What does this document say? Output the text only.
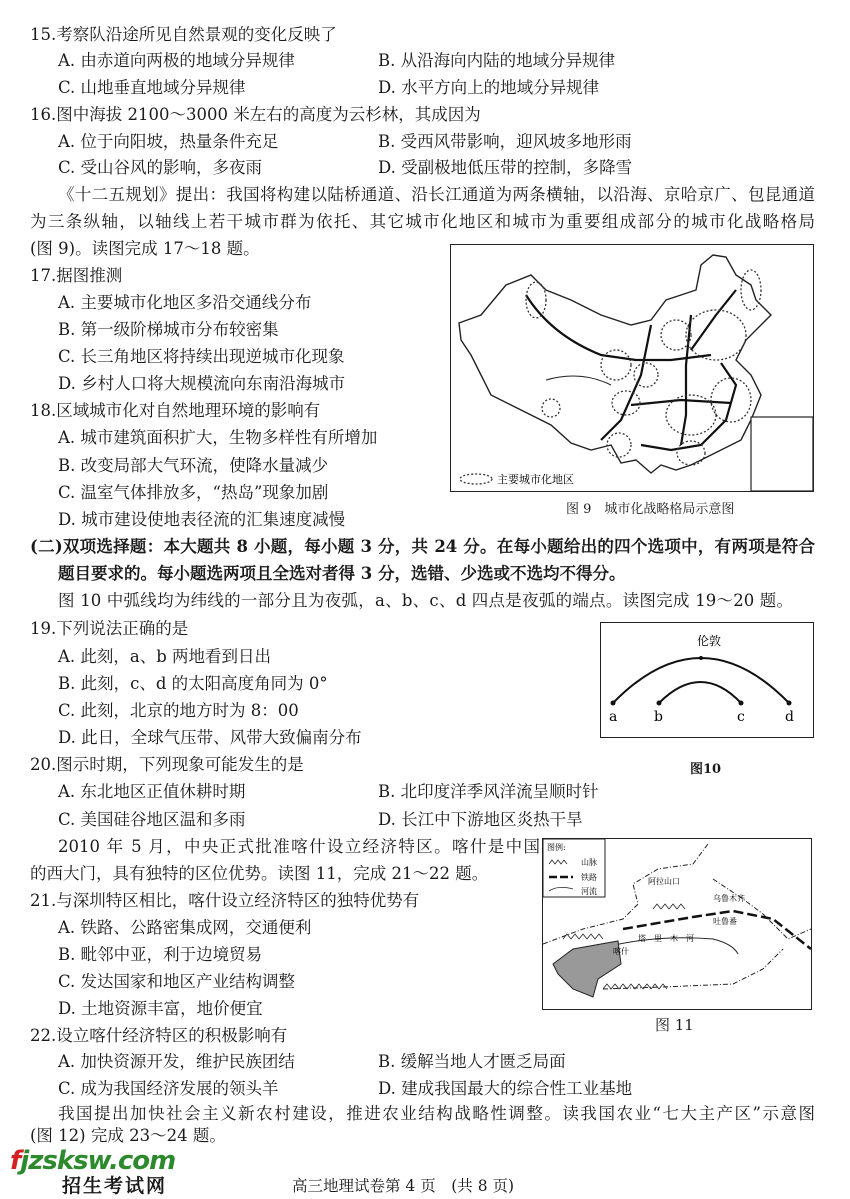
15.考察队沿途所见自然景观的变化反映了
A. 由赤道向两极的地域分异规律	B. 从沿海向内陆的地域分异规律
C. 山地垂直地域分异规律	D. 水平方向上的地域分异规律
16.图中海拔 2100～3000 米左右的高度为云杉林，其成因为
A. 位于向阳坡，热量条件充足	B. 受西风带影响，迎风坡多地形雨
C. 受山谷风的影响，多夜雨	D. 受副极地低压带的控制，多降雪
《十二五规划》提出：我国将构建以陆桥通道、沿长江通道为两条横轴，以沿海、京哈京广、包昆通道
为三条纵轴，以轴线上若干城市群为依托、其它城市化地区和城市为重要组成部分的城市化战略格局
(图 9)。读图完成 17～18 题。
17.据图推测
A. 主要城市化地区多沿交通线分布
B. 第一级阶梯城市分布较密集
C. 长三角地区将持续出现逆城市化现象
D. 乡村人口将大规模流向东南沿海城市
18.区域城市化对自然地理环境的影响有
A. 城市建筑面积扩大，生物多样性有所增加
B. 改变局部大气环流，使降水量减少
C. 温室气体排放多，“热岛”现象加剧
D. 城市建设使地表径流的汇集速度减慢
主要城市化地区
图 9　城市化战略格局示意图
(二)双项选择题：本大题共 8 小题，每小题 3 分，共 24 分。在每小题给出的四个选项中，有两项是符合
题目要求的。每小题选两项且全选对者得 3 分，选错、少选或不选均不得分。
图 10 中弧线均为纬线的一部分且为夜弧，a、b、c、d 四点是夜弧的端点。读图完成 19～20 题。
19.下列说法正确的是
A. 此刻，a、b 两地看到日出
B. 此刻，c、d 的太阳高度角同为 0°
C. 此刻，北京的地方时为 8：00
D. 此日，全球气压带、风带大致偏南分布
伦敦
a	b	c	d
图10
20.图示时期，下列现象可能发生的是
A. 东北地区正值休耕时期	B. 北印度洋季风洋流呈顺时针
C. 美国硅谷地区温和多雨	D. 长江中下游地区炎热干旱
2010 年 5 月，中央正式批准喀什设立经济特区。喀什是中国
的西大门，具有独特的区位优势。读图 11，完成 21～22 题。
21.与深圳特区相比，喀什设立经济特区的独特优势有
A. 铁路、公路密集成网，交通便利
B. 毗邻中亚，利于边境贸易
C. 发达国家和地区产业结构调整
D. 土地资源丰富，地价便宜
图例:
山脉
铁路
河流
阿拉山口
乌鲁木齐
吐鲁番
塔里木河
喀什
图 11
22.设立喀什经济特区的积极影响有
A. 加快资源开发，维护民族团结	B. 缓解当地人才匮乏局面
C. 成为我国经济发展的领头羊	D. 建成我国最大的综合性工业基地
我国提出加快社会主义新农村建设，推进农业结构战略性调整。读我国农业“七大主产区”示意图
(图 12) 完成 23～24 题。
fjzsksw.com
招生考试网	高三地理试卷第 4 页　(共 8 页)
